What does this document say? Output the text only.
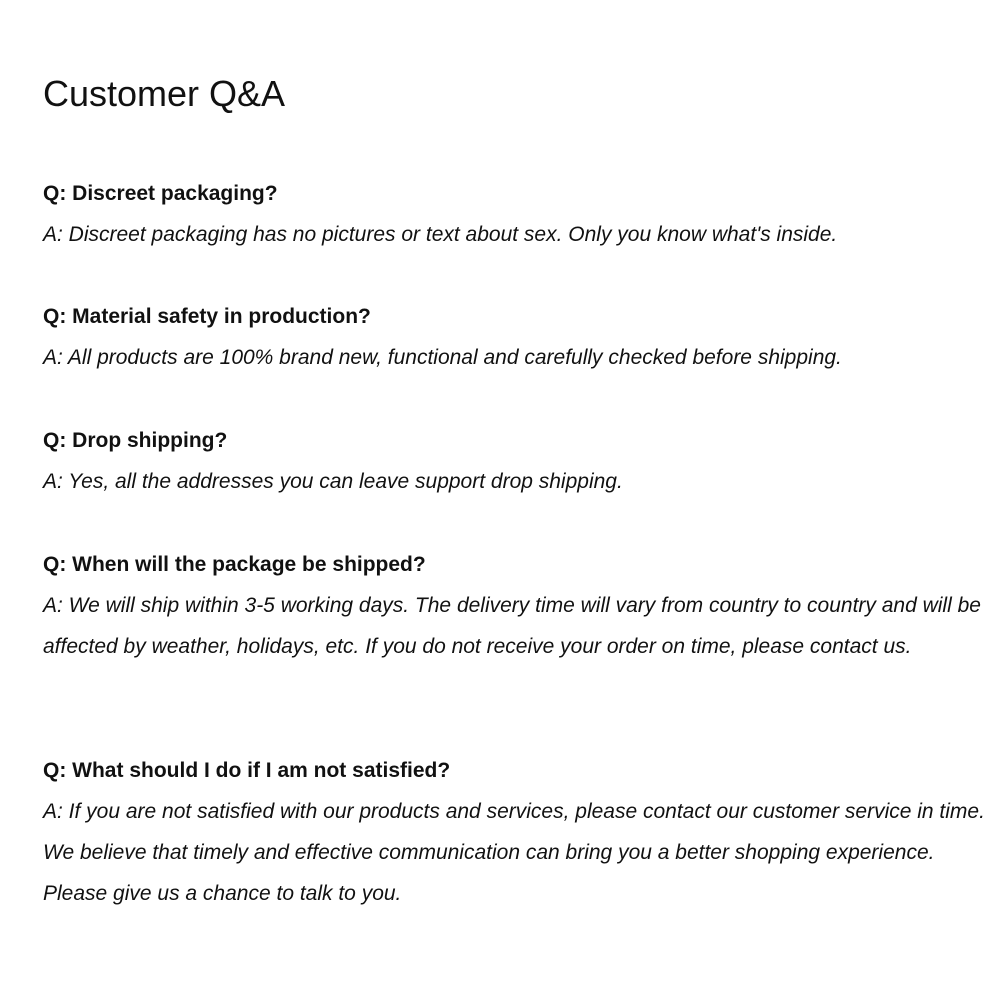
Customer Q&A

Q: Discreet packaging?

A: Discreet packaging has no pictures or text about sex. Only you know what's inside.

Q: Material safety in production?

A: All products are 100% brand new, functional and carefully checked before shipping.

Q: Drop shipping?

A: Yes, all the addresses you can leave support drop shipping.

Q: When will the package be shipped?

A: We will ship within 3-5 working days. The delivery time will vary from country to country and will be affected by weather, holidays, etc. If you do not receive your order on time, please contact us.

Q: What should I do if I am not satisfied?

A: If you are not satisfied with our products and services, please contact our customer service in time. We believe that timely and effective communication can bring you a better shopping experience. Please give us a chance to talk to you.
